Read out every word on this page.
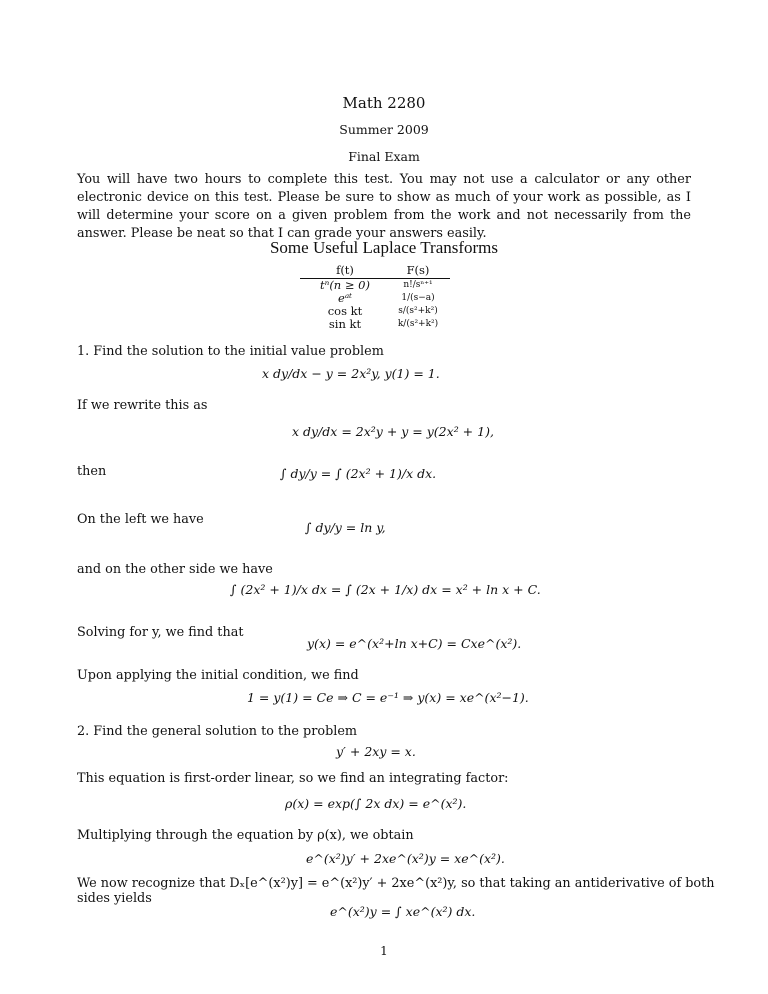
Math 2280
Summer 2009
Final Exam
You will have two hours to complete this test. You may not use a calculator or any other electronic device on this test. Please be sure to show as much of your work as possible, as I will determine your score on a given problem from the work and not necessarily from the answer. Please be neat so that I can grade your answers easily.
Some Useful Laplace Transforms
f(t)	F(s)
tⁿ(n ≥ 0)	n!/sⁿ⁺¹
eᵃᵗ	1/(s−a)
cos kt	s/(s²+k²)
sin kt	k/(s²+k²)
1. Find the solution to the initial value problem
x dy/dx − y = 2x²y, y(1) = 1.
If we rewrite this as
x dy/dx = 2x²y + y = y(2x² + 1),
then	∫ dy/y = ∫ (2x² + 1)/x dx.
On the left we have
∫ dy/y = ln y,
and on the other side we have
∫ (2x² + 1)/x dx = ∫ (2x + 1/x) dx = x² + ln x + C.
Solving for y, we find that
y(x) = e^(x²+ln x+C) = Cxe^(x²).
Upon applying the initial condition, we find
1 = y(1) = Ce ⇒ C = e⁻¹ ⇒ y(x) = xe^(x²−1).
2. Find the general solution to the problem
y′ + 2xy = x.
This equation is first-order linear, so we find an integrating factor:
ρ(x) = exp(∫ 2x dx) = e^(x²).
Multiplying through the equation by ρ(x), we obtain
e^(x²)y′ + 2xe^(x²)y = xe^(x²).
We now recognize that Dₓ[e^(x²)y] = e^(x²)y′ + 2xe^(x²)y, so that taking an antiderivative of both sides yields
e^(x²)y = ∫ xe^(x²) dx.
1
